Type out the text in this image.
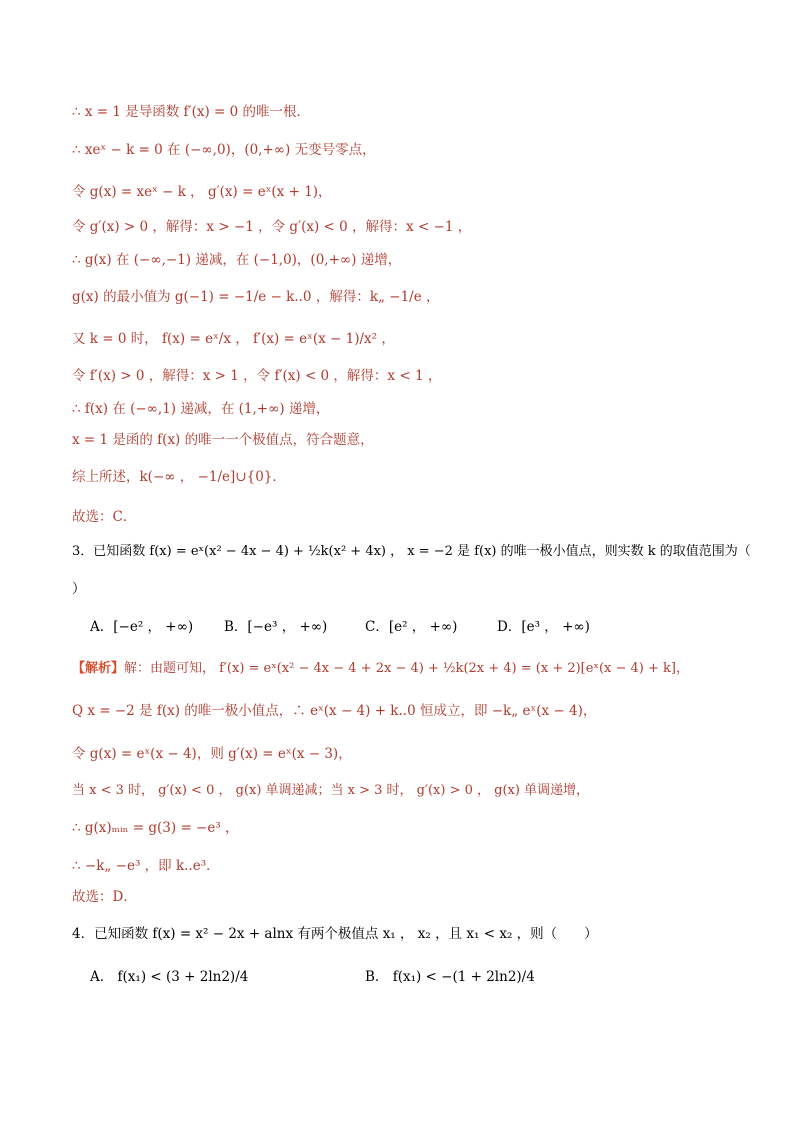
∴ x = 1 是导函数 f′(x) = 0 的唯一根．
∴ xeˣ − k = 0 在 (−∞,0)，(0,+∞) 无变号零点，
令 g(x) = xeˣ − k ， g′(x) = eˣ(x + 1)，
令 g′(x) > 0 ，解得：x > −1 ，令 g′(x) < 0 ，解得：x < −1 ，
∴ g(x) 在 (−∞,−1) 递减，在 (−1,0)，(0,+∞) 递增，
g(x) 的最小值为 g(−1) = −1/e − k..0 ，解得：k„ −1/e ，
又 k = 0 时， f(x) = eˣ/x ， f′(x) = eˣ(x − 1)/x² ，
令 f′(x) > 0 ，解得：x > 1 ，令 f′(x) < 0 ，解得：x < 1 ，
∴ f(x) 在 (−∞,1) 递减，在 (1,+∞) 递增，
x = 1 是函的 f(x) 的唯一一个极值点，符合题意，
综上所述，k(−∞ ， −1/e]∪{0}．
故选：C．
3．已知函数 f(x) = eˣ(x² − 4x − 4) + ½k(x² + 4x) ， x = −2 是 f(x) 的唯一极小值点，则实数 k 的取值范围为（
）
A．[−e² ， +∞) B．[−e³ ， +∞)	C．[e² ， +∞)	D．[e³ ， +∞)
【解析】解：由题可知， f′(x) = eˣ(x² − 4x − 4 + 2x − 4) + ½k(2x + 4) = (x + 2)[eˣ(x − 4) + k]，
Q x = −2 是 f(x) 的唯一极小值点，∴ eˣ(x − 4) + k..0 恒成立，即 −k„ eˣ(x − 4)，
令 g(x) = eˣ(x − 4)，则 g′(x) = eˣ(x − 3)，
当 x < 3 时， g′(x) < 0 ， g(x) 单调递减；当 x > 3 时， g′(x) > 0 ， g(x) 单调递增，
∴ g(x)ₘᵢₙ = g(3) = −e³ ，
∴ −k„ −e³ ，即 k..e³．
故选：D．
4．已知函数 f(x) = x² − 2x + alnx 有两个极值点 x₁ ， x₂ ，且 x₁ < x₂ ，则（　　）
A． f(x₁) < (3 + 2ln2)/4	B． f(x₁) < −(1 + 2ln2)/4
